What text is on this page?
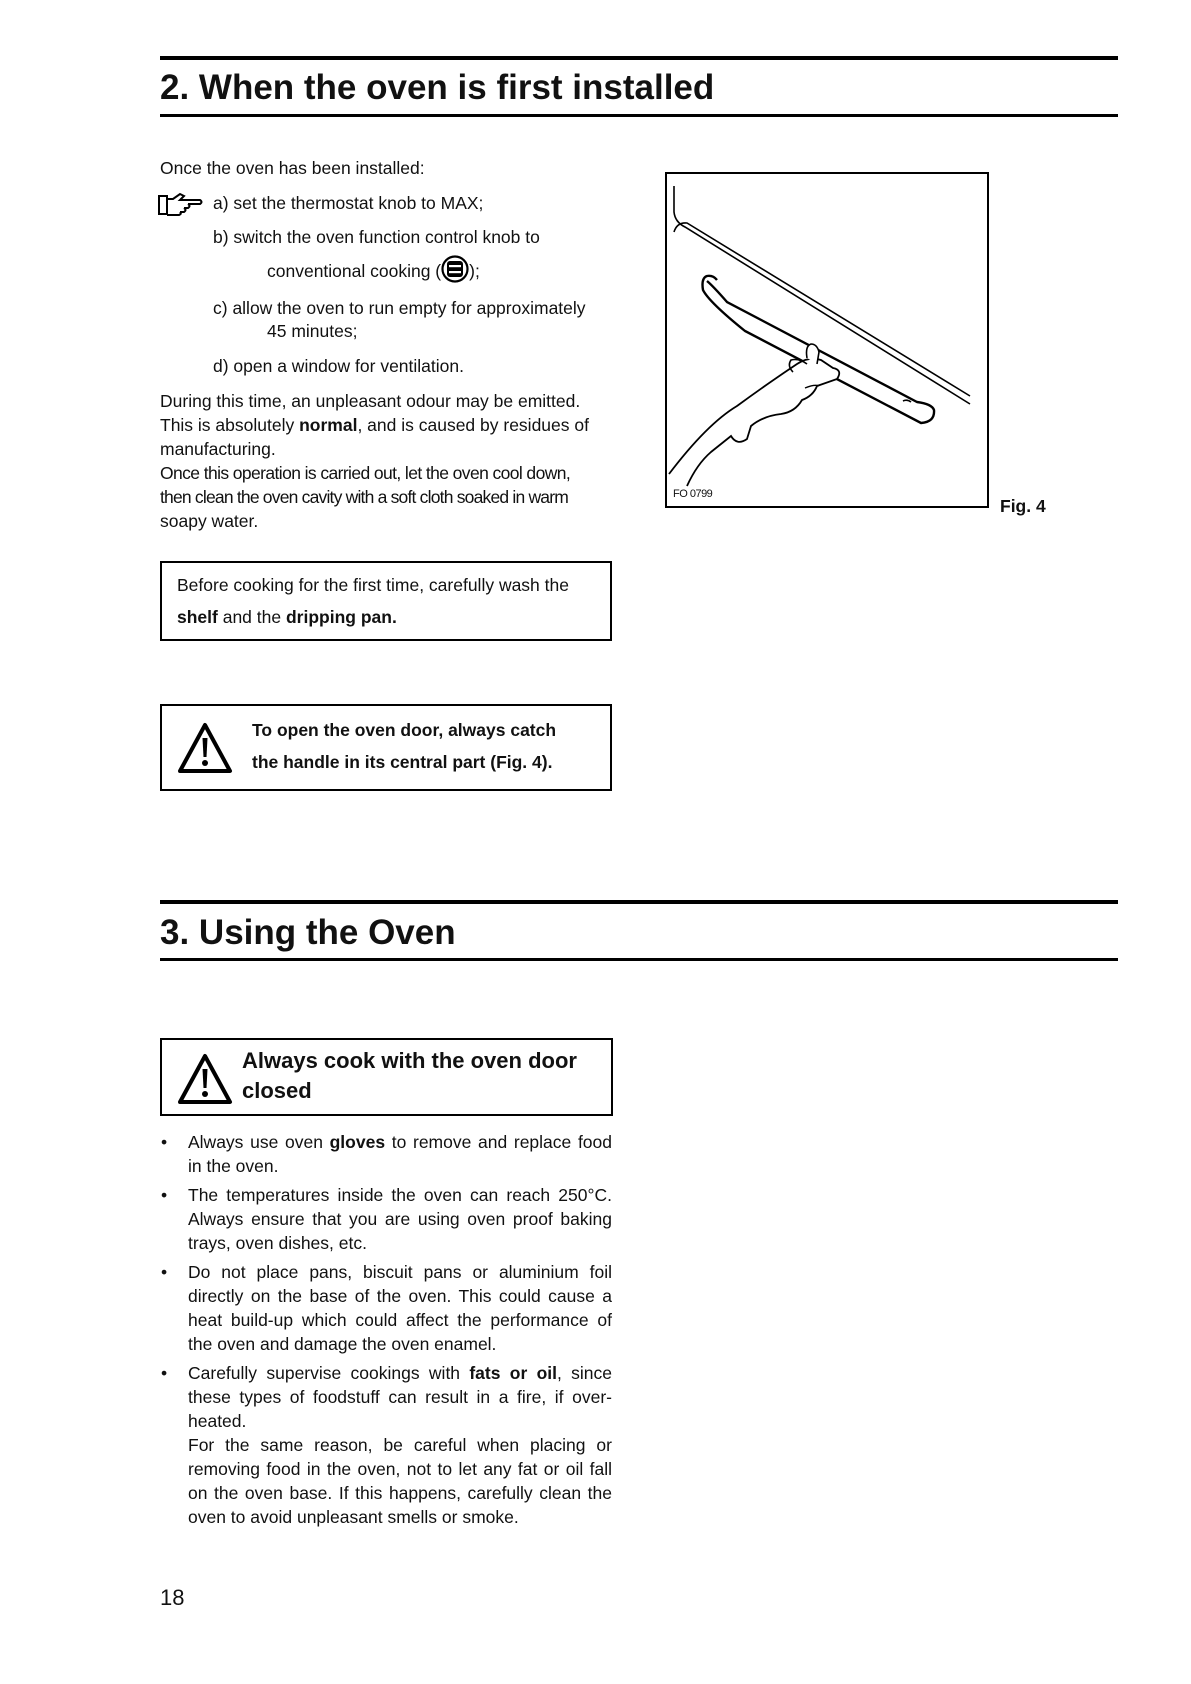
2. When the oven is first installed
Once the oven has been installed:
a) set the thermostat knob to MAX;
b) switch the oven function control knob to
conventional cooking ( );
c) allow the oven to run empty for approximately
45 minutes;
d) open a window for ventilation.
During this time, an unpleasant odour may be emitted.
This is absolutely normal, and is caused by residues of
manufacturing.
Once this operation is carried out, let the oven cool down,
then clean the oven cavity with a soft cloth soaked in warm
soapy water.
FO 0799
Fig. 4
Before cooking for the first time, carefully wash the
shelf and the dripping pan.
To open the oven door, always catch
the handle in its central part (Fig. 4).
3. Using the Oven
Always cook with the oven door
closed
• Always use oven gloves to remove and replace food in the oven.
• The temperatures inside the oven can reach 250°C. Always ensure that you are using oven proof baking trays, oven dishes, etc.
• Do not place pans, biscuit pans or aluminium foil directly on the base of the oven. This could cause a heat build-up which could affect the performance of the oven and damage the oven enamel.
• Carefully supervise cookings with fats or oil, since these types of foodstuff can result in a fire, if over-heated.
For the same reason, be careful when placing or removing food in the oven, not to let any fat or oil fall on the oven base. If this happens, carefully clean the oven to avoid unpleasant smells or smoke.
18
